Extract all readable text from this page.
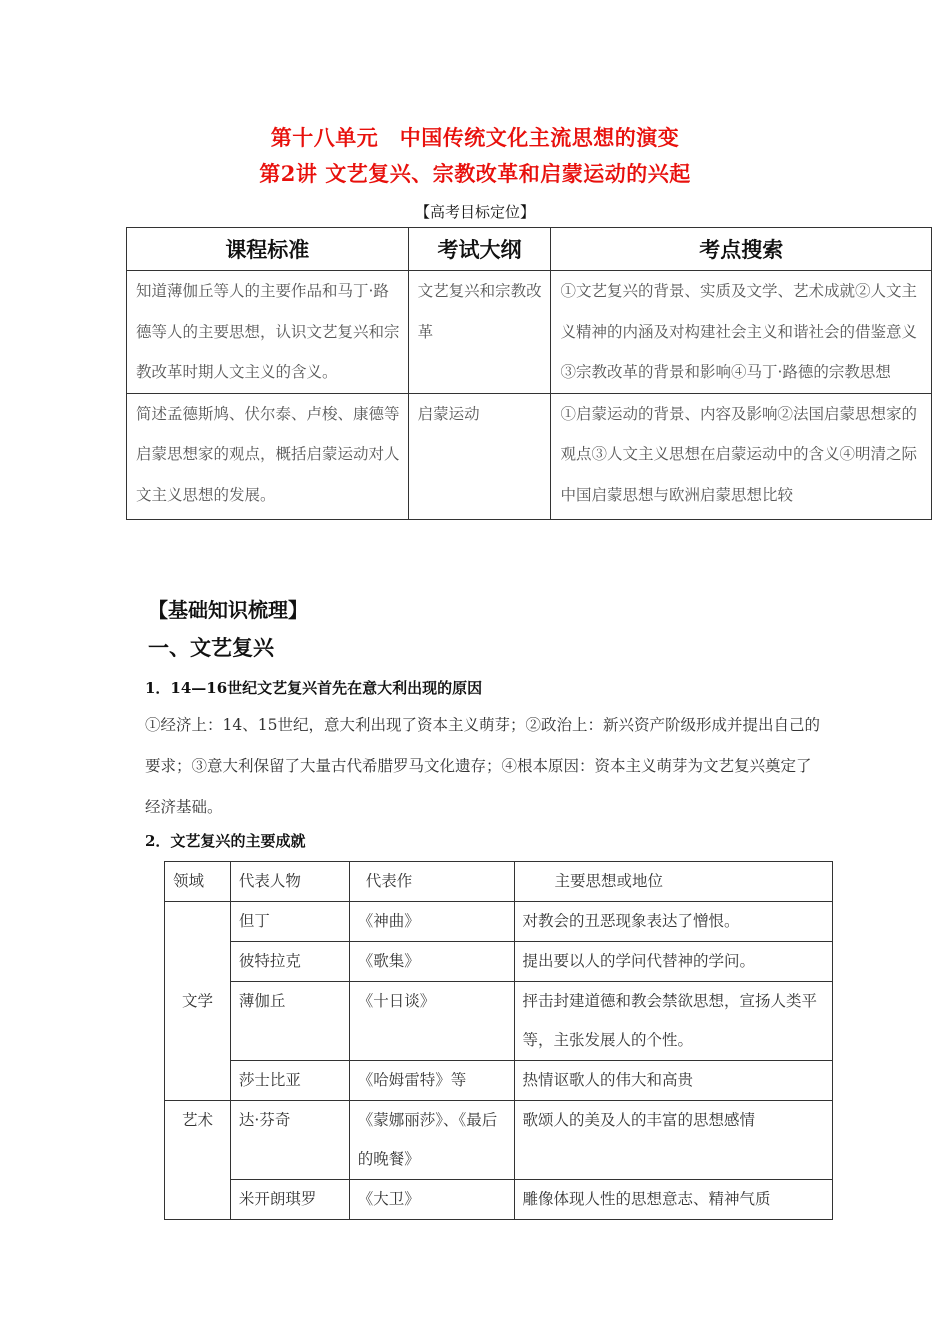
第十八单元　中国传统文化主流思想的演变
第2讲 文艺复兴、宗教改革和启蒙运动的兴起
【高考目标定位】
课程标准	考试大纲	考点搜索
知道薄伽丘等人的主要作品和马丁·路德等人的主要思想，认识文艺复兴和宗教改革时期人文主义的含义。	文艺复兴和宗教改革	①文艺复兴的背景、实质及文学、艺术成就②人文主义精神的内涵及对构建社会主义和谐社会的借鉴意义③宗教改革的背景和影响④马丁·路德的宗教思想
简述孟德斯鸠、伏尔泰、卢梭、康德等启蒙思想家的观点，概括启蒙运动对人文主义思想的发展。	启蒙运动	①启蒙运动的背景、内容及影响②法国启蒙思想家的观点③人文主义思想在启蒙运动中的含义④明清之际中国启蒙思想与欧洲启蒙思想比较
【基础知识梳理】
一、文艺复兴
1．14—16世纪文艺复兴首先在意大利出现的原因
①经济上：14、15世纪，意大利出现了资本主义萌芽；②政治上：新兴资产阶级形成并提出自己的要求；③意大利保留了大量古代希腊罗马文化遗存；④根本原因：资本主义萌芽为文艺复兴奠定了经济基础。
2．文艺复兴的主要成就
领域	代表人物	代表作	主要思想或地位
文学	但丁	《神曲》	对教会的丑恶现象表达了憎恨。
	彼特拉克	《歌集》	提出要以人的学问代替神的学问。
	薄伽丘	《十日谈》	抨击封建道德和教会禁欲思想，宣扬人类平等，主张发展人的个性。
	莎士比亚	《哈姆雷特》等	热情讴歌人的伟大和高贵
艺术	达·芬奇	《蒙娜丽莎》、《最后的晚餐》	歌颂人的美及人的丰富的思想感情
	米开朗琪罗	《大卫》	雕像体现人性的思想意志、精神气质
